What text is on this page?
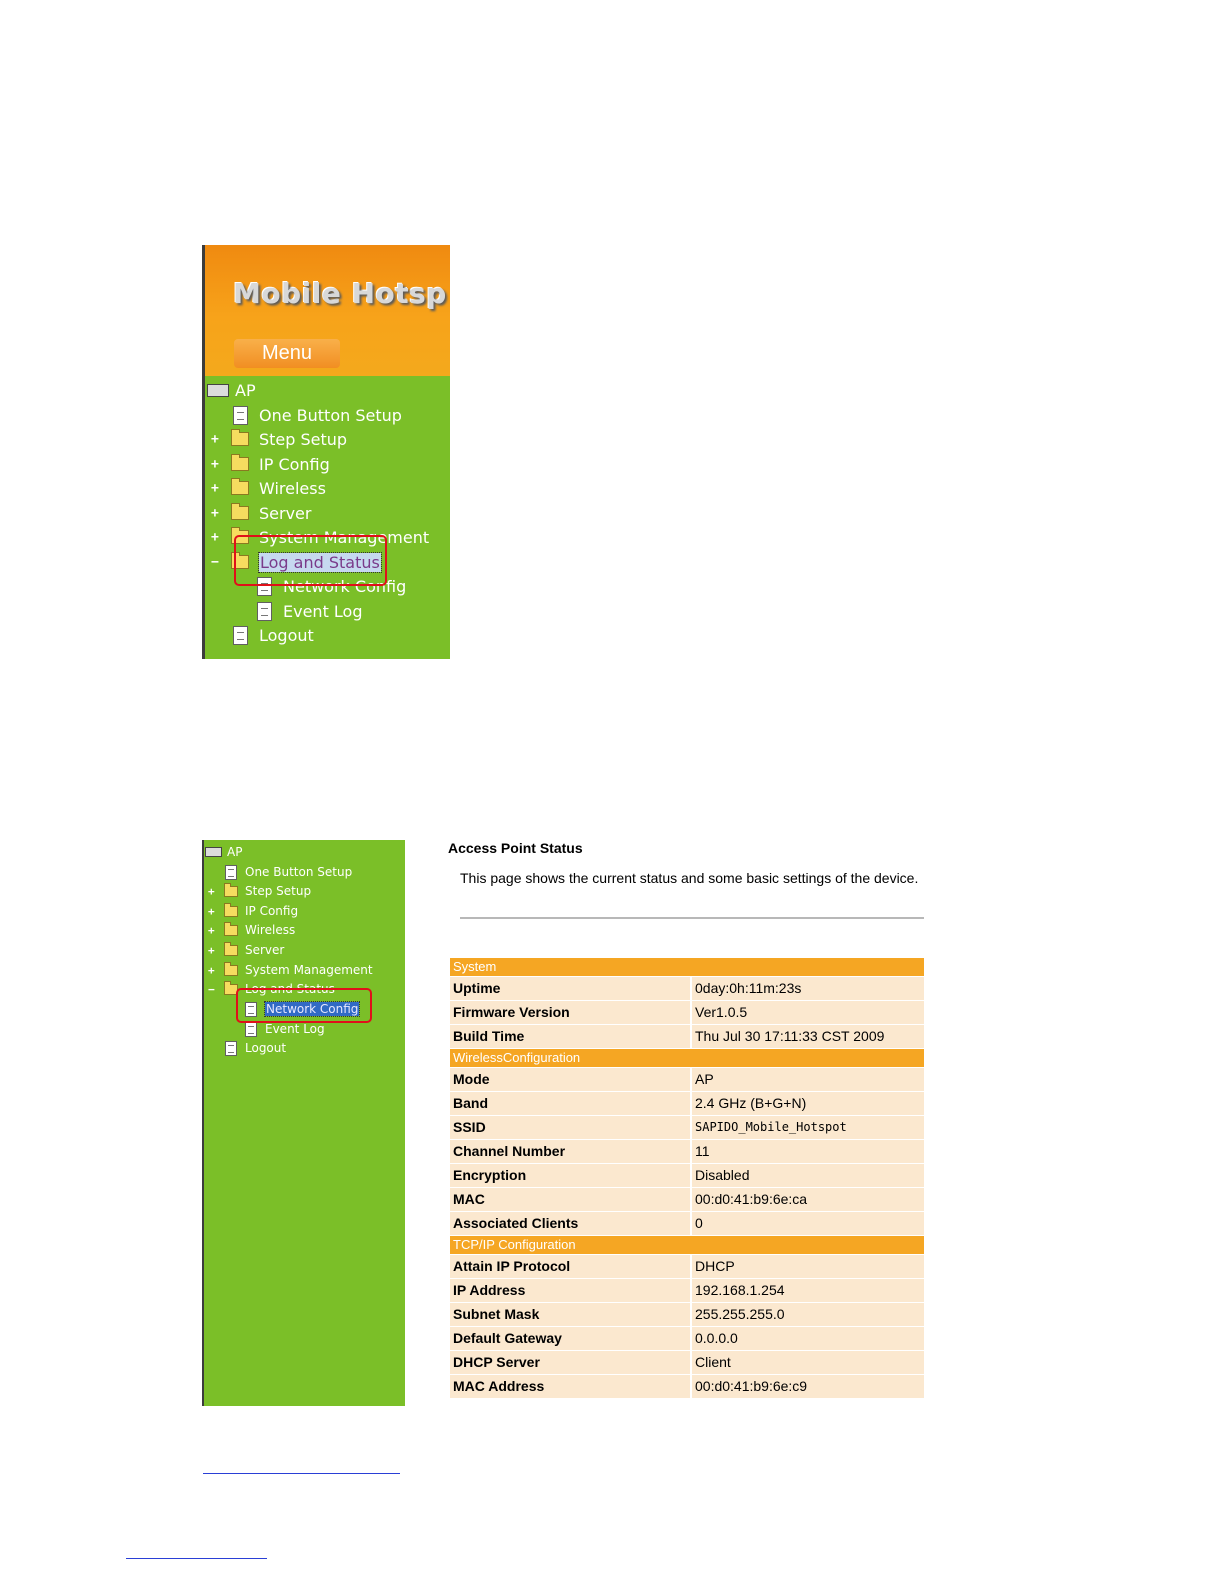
Mobile Hotsp
Menu
AP
One Button Setup
+	Step Setup
+	IP Config
+	Wireless
+	Server
+	System Management
−	Log and Status
Network Config
Event Log
Logout
AP
One Button Setup
+	Step Setup
+	IP Config
+	Wireless
+	Server
+	System Management
−	Log and Status
Network Config
Event Log
Logout
Access Point Status
This page shows the current status and some basic settings of the device.
System
Uptime	0day:0h:11m:23s
Firmware Version	Ver1.0.5
Build Time	Thu Jul 30 17:11:33 CST 2009
WirelessConfiguration
Mode	AP
Band	2.4 GHz (B+G+N)
SSID	SAPIDO_Mobile_Hotspot
Channel Number	11
Encryption	Disabled
MAC	00:d0:41:b9:6e:ca
Associated Clients	0
TCP/IP Configuration
Attain IP Protocol	DHCP
IP Address	192.168.1.254
Subnet Mask	255.255.255.0
Default Gateway	0.0.0.0
DHCP Server	Client
MAC Address	00:d0:41:b9:6e:c9
